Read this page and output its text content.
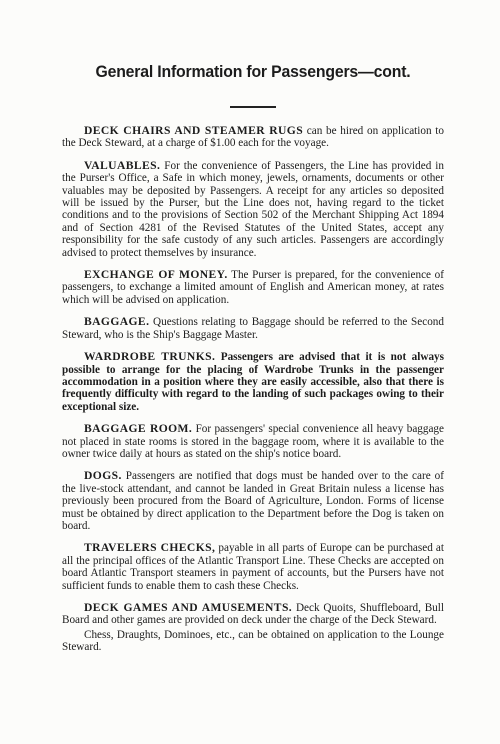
General Information for Passengers—cont.

DECK CHAIRS AND STEAMER RUGS can be hired on application to the Deck Steward, at a charge of $1.00 each for the voyage.

VALUABLES. For the convenience of Passengers, the Line has provided in the Purser's Office, a Safe in which money, jewels, ornaments, documents or other valuables may be deposited by Passengers. A receipt for any articles so deposited will be issued by the Purser, but the Line does not, having regard to the ticket conditions and to the provisions of Section 502 of the Merchant Shipping Act 1894 and of Section 4281 of the Revised Statutes of the United States, accept any responsibility for the safe custody of any such articles. Passengers are accordingly advised to protect themselves by insurance.

EXCHANGE OF MONEY. The Purser is prepared, for the convenience of passengers, to exchange a limited amount of English and American money, at rates which will be advised on application.

BAGGAGE. Questions relating to Baggage should be referred to the Second Steward, who is the Ship's Baggage Master.

WARDROBE TRUNKS. Passengers are advised that it is not always possible to arrange for the placing of Wardrobe Trunks in the passenger accommodation in a position where they are easily accessible, also that there is frequently difficulty with regard to the landing of such packages owing to their exceptional size.

BAGGAGE ROOM. For passengers' special convenience all heavy baggage not placed in state rooms is stored in the baggage room, where it is available to the owner twice daily at hours as stated on the ship's notice board.

DOGS. Passengers are notified that dogs must be handed over to the care of the live-stock attendant, and cannot be landed in Great Britain nuless a license has previously been procured from the Board of Agriculture, London. Forms of license must be obtained by direct application to the Department before the Dog is taken on board.

TRAVELERS CHECKS, payable in all parts of Europe can be purchased at all the principal offices of the Atlantic Transport Line. These Checks are accepted on board Atlantic Transport steamers in payment of accounts, but the Pursers have not sufficient funds to enable them to cash these Checks.

DECK GAMES AND AMUSEMENTS. Deck Quoits, Shuffleboard, Bull Board and other games are provided on deck under the charge of the Deck Steward.

Chess, Draughts, Dominoes, etc., can be obtained on application to the Lounge Steward.
